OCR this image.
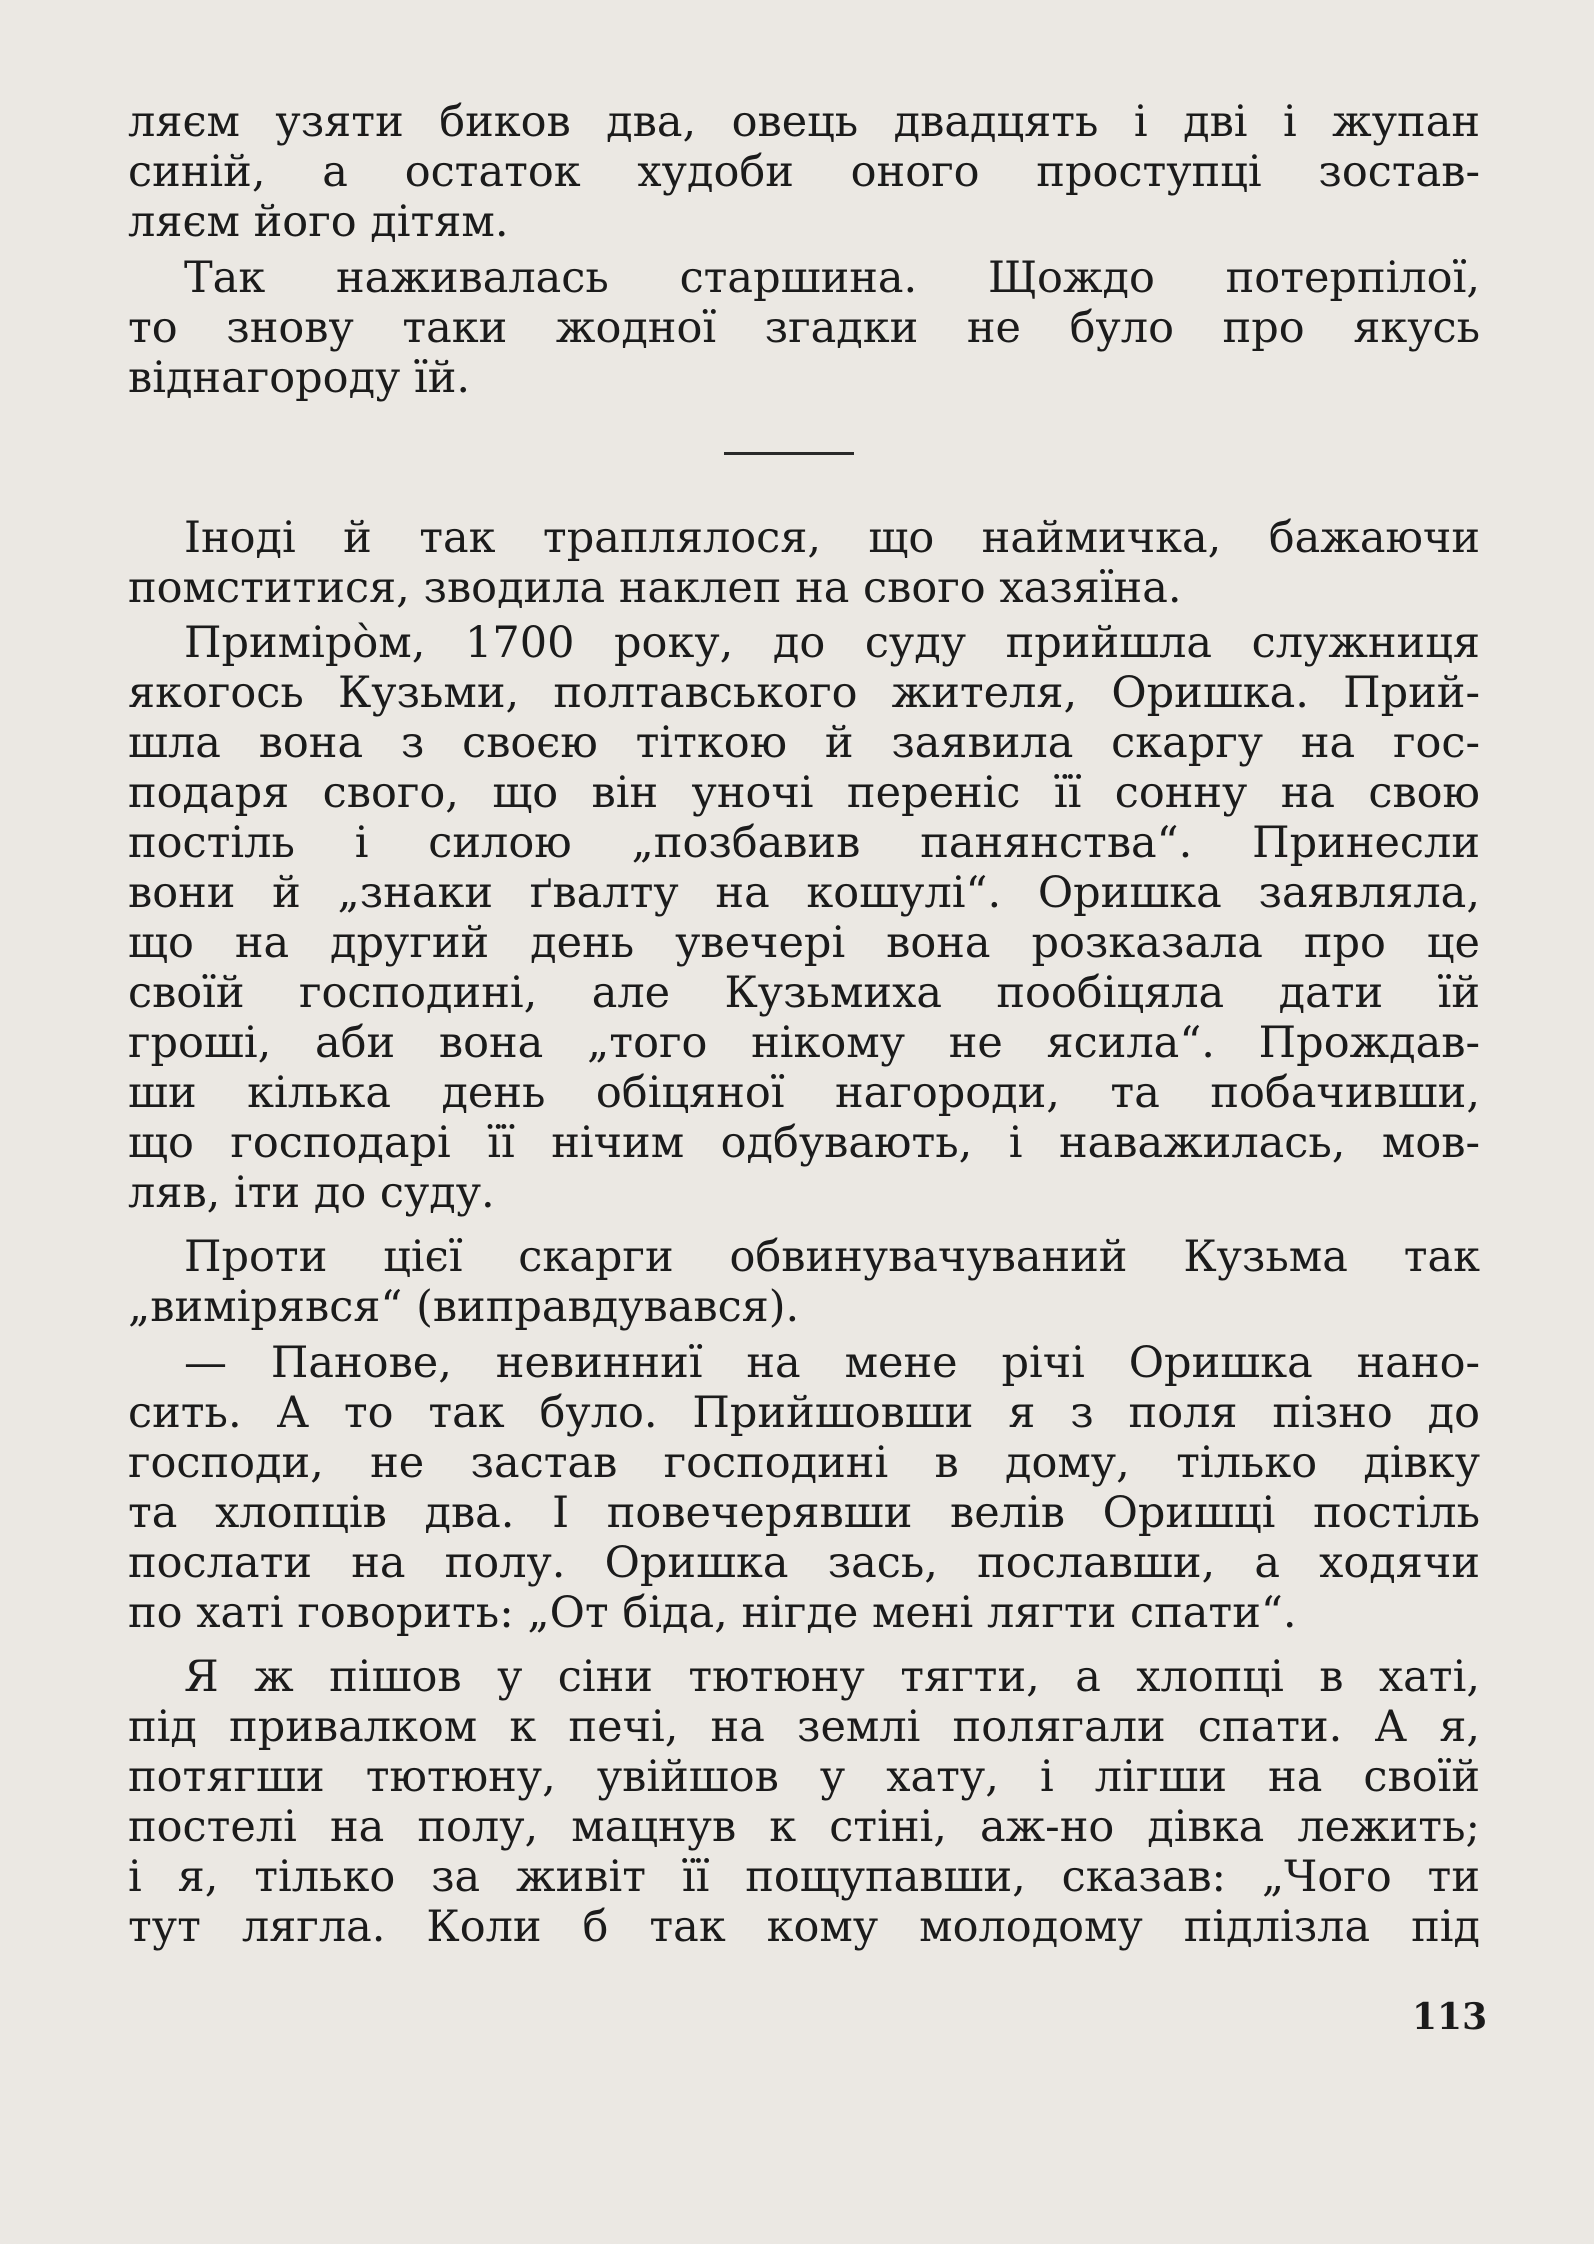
ляєм узяти биков два, овець двадцять і дві і жупан
синій, а остаток худоби оного проступці зостав-
ляєм його дітям.
Так наживалась старшина. Щождо потерпілої,
то знову таки жодної згадки не було про якусь
віднагороду їй.
Іноді й так траплялося, що наймичка, бажаючи
помститися, зводила наклеп на свого хазяїна.
Примірòм, 1700 року, до суду прийшла служниця
якогось Кузьми, полтавського жителя, Оришка. Прий-
шла вона з своєю тіткою й заявила скаргу на гос-
подаря свого, що він уночі переніс її сонну на свою
постіль і силою „позбавив панянства“. Принесли
вони й „знаки ґвалту на кошулі“. Оришка заявляла,
що на другий день увечері вона розказала про це
своїй господині, але Кузьмиха пообіцяла дати їй
гроші, аби вона „того нікому не ясила“. Прождав-
ши кілька день обіцяної нагороди, та побачивши,
що господарі її нічим одбувають, і наважилась, мов-
ляв, іти до суду.
Проти цієї скарги обвинувачуваний Кузьма так
„вимірявся“ (виправдувався).
— Панове, невинниї на мене річі Оришка нано-
сить. А то так було. Прийшовши я з поля пізно до
господи, не застав господині в дому, тілько дівку
та хлопців два. І повечерявши велів Оришці постіль
послати на полу. Оришка зась, пославши, а ходячи
по хаті говорить: „От біда, нігде мені лягти спати“.
Я ж пішов у сіни тютюну тягти, а хлопці в хаті,
під привалком к печі, на землі полягали спати. А я,
потягши тютюну, увійшов у хату, і лігши на своїй
постелі на полу, мацнув к стіні, аж-но дівка лежить;
і я, тілько за живіт її пощупавши, сказав: „Чого ти
тут лягла. Коли б так кому молодому підлізла під
113
